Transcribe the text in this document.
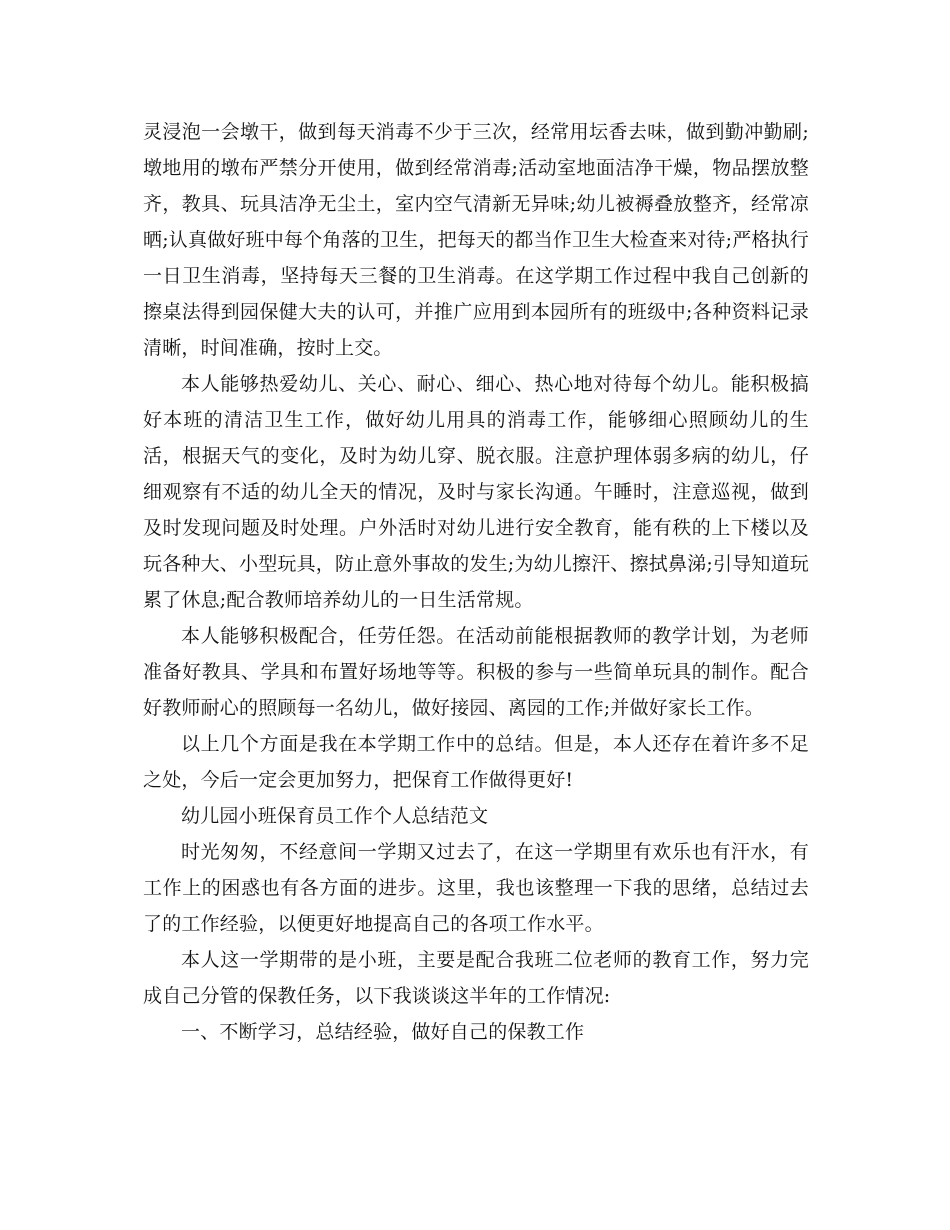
灵浸泡一会墩干，做到每天消毒不少于三次，经常用坛香去味，做到勤冲勤刷;墩地用的墩布严禁分开使用，做到经常消毒;活动室地面洁净干燥，物品摆放整齐，教具、玩具洁净无尘土，室内空气清新无异味;幼儿被褥叠放整齐，经常凉晒;认真做好班中每个角落的卫生，把每天的都当作卫生大检查来对待;严格执行一日卫生消毒，坚持每天三餐的卫生消毒。在这学期工作过程中我自己创新的擦桌法得到园保健大夫的认可，并推广应用到本园所有的班级中;各种资料记录清晰，时间准确，按时上交。

本人能够热爱幼儿、关心、耐心、细心、热心地对待每个幼儿。能积极搞好本班的清洁卫生工作，做好幼儿用具的消毒工作，能够细心照顾幼儿的生活，根据天气的变化，及时为幼儿穿、脱衣服。注意护理体弱多病的幼儿，仔细观察有不适的幼儿全天的情况，及时与家长沟通。午睡时，注意巡视，做到及时发现问题及时处理。户外活时对幼儿进行安全教育，能有秩的上下楼以及玩各种大、小型玩具，防止意外事故的发生;为幼儿擦汗、擦拭鼻涕;引导知道玩累了休息;配合教师培养幼儿的一日生活常规。

本人能够积极配合，任劳任怨。在活动前能根据教师的教学计划，为老师准备好教具、学具和布置好场地等等。积极的参与一些简单玩具的制作。配合好教师耐心的照顾每一名幼儿，做好接园、离园的工作;并做好家长工作。

以上几个方面是我在本学期工作中的总结。但是，本人还存在着许多不足之处，今后一定会更加努力，把保育工作做得更好!

幼儿园小班保育员工作个人总结范文

时光匆匆，不经意间一学期又过去了，在这一学期里有欢乐也有汗水，有工作上的困惑也有各方面的进步。这里，我也该整理一下我的思绪，总结过去了的工作经验，以便更好地提高自己的各项工作水平。

本人这一学期带的是小班，主要是配合我班二位老师的教育工作，努力完成自己分管的保教任务，以下我谈谈这半年的工作情况:

一、不断学习，总结经验，做好自己的保教工作
